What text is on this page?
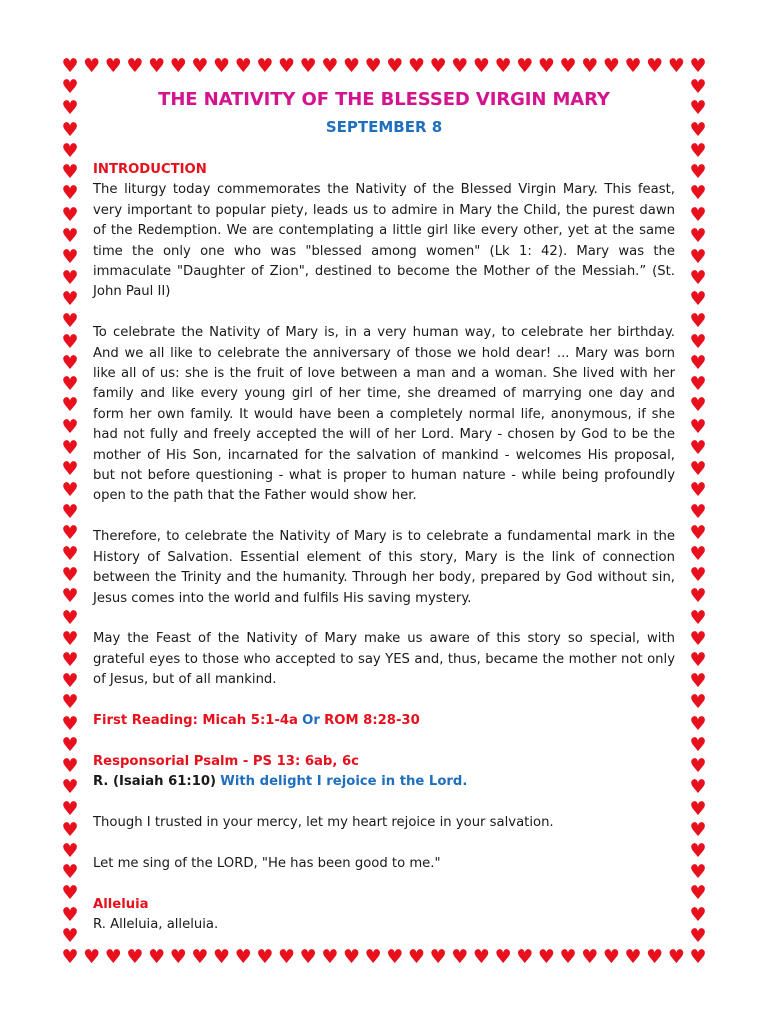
♥
♥
♥
♥
♥
♥
♥
♥
♥
♥
♥
♥
♥
♥
♥
♥
♥
♥
♥
♥
♥
♥
♥
♥
♥
♥
♥
♥
♥
♥
♥
♥
♥
♥
♥
♥
♥
♥
♥
♥
♥
♥
♥
♥
♥
♥
♥
♥
♥
♥
♥
♥
♥
♥
♥
♥
♥
♥
♥
♥
♥	♥
♥	♥
♥	♥
♥	♥
♥	♥
♥	♥
♥	♥
♥	♥
♥	♥
♥	♥
♥	♥
♥	♥
♥	♥
♥	♥
♥	♥
♥	♥
♥	♥
♥	♥
♥	♥
♥	♥
♥	♥
♥	♥
♥	♥
♥	♥
♥	♥
♥	♥
♥	♥
♥	♥
♥	♥
♥	♥
♥	♥
♥	♥
♥	♥
♥	♥
♥	♥
♥	♥
♥	♥
♥	♥
♥	♥
♥	♥
♥	♥
THE NATIVITY OF THE BLESSED VIRGIN MARY
SEPTEMBER 8
INTRODUCTION

The liturgy today commemorates the Nativity of the Blessed Virgin Mary. This feast, very important to popular piety, leads us to admire in Mary the Child, the purest dawn of the Redemption. We are contemplating a little girl like every other, yet at the same time the only one who was "blessed among women" (Lk 1: 42). Mary was the immaculate "Daughter of Zion", destined to become the Mother of the Messiah.” (St. John Paul II)

To celebrate the Nativity of Mary is, in a very human way, to celebrate her birthday. And we all like to celebrate the anniversary of those we hold dear! ... Mary was born like all of us: she is the fruit of love between a man and a woman. She lived with her family and like every young girl of her time, she dreamed of marrying one day and form her own family. It would have been a completely normal life, anonymous, if she had not fully and freely accepted the will of her Lord. Mary - chosen by God to be the mother of His Son, incarnated for the salvation of mankind - welcomes His proposal, but not before questioning - what is proper to human nature - while being profoundly open to the path that the Father would show her.

Therefore, to celebrate the Nativity of Mary is to celebrate a fundamental mark in the History of Salvation. Essential element of this story, Mary is the link of connection between the Trinity and the humanity. Through her body, prepared by God without sin, Jesus comes into the world and fulfils His saving mystery.

May the Feast of the Nativity of Mary make us aware of this story so special, with grateful eyes to those who accepted to say YES and, thus, became the mother not only of Jesus, but of all mankind.

First Reading: Micah 5:1-4a Or ROM 8:28-30
Responsorial Psalm - PS 13: 6ab, 6c
R. (Isaiah 61:10) With delight I rejoice in the Lord.

Though I trusted in your mercy, let my heart rejoice in your salvation.

Let me sing of the LORD, "He has been good to me."

Alleluia
R. Alleluia, alleluia.
